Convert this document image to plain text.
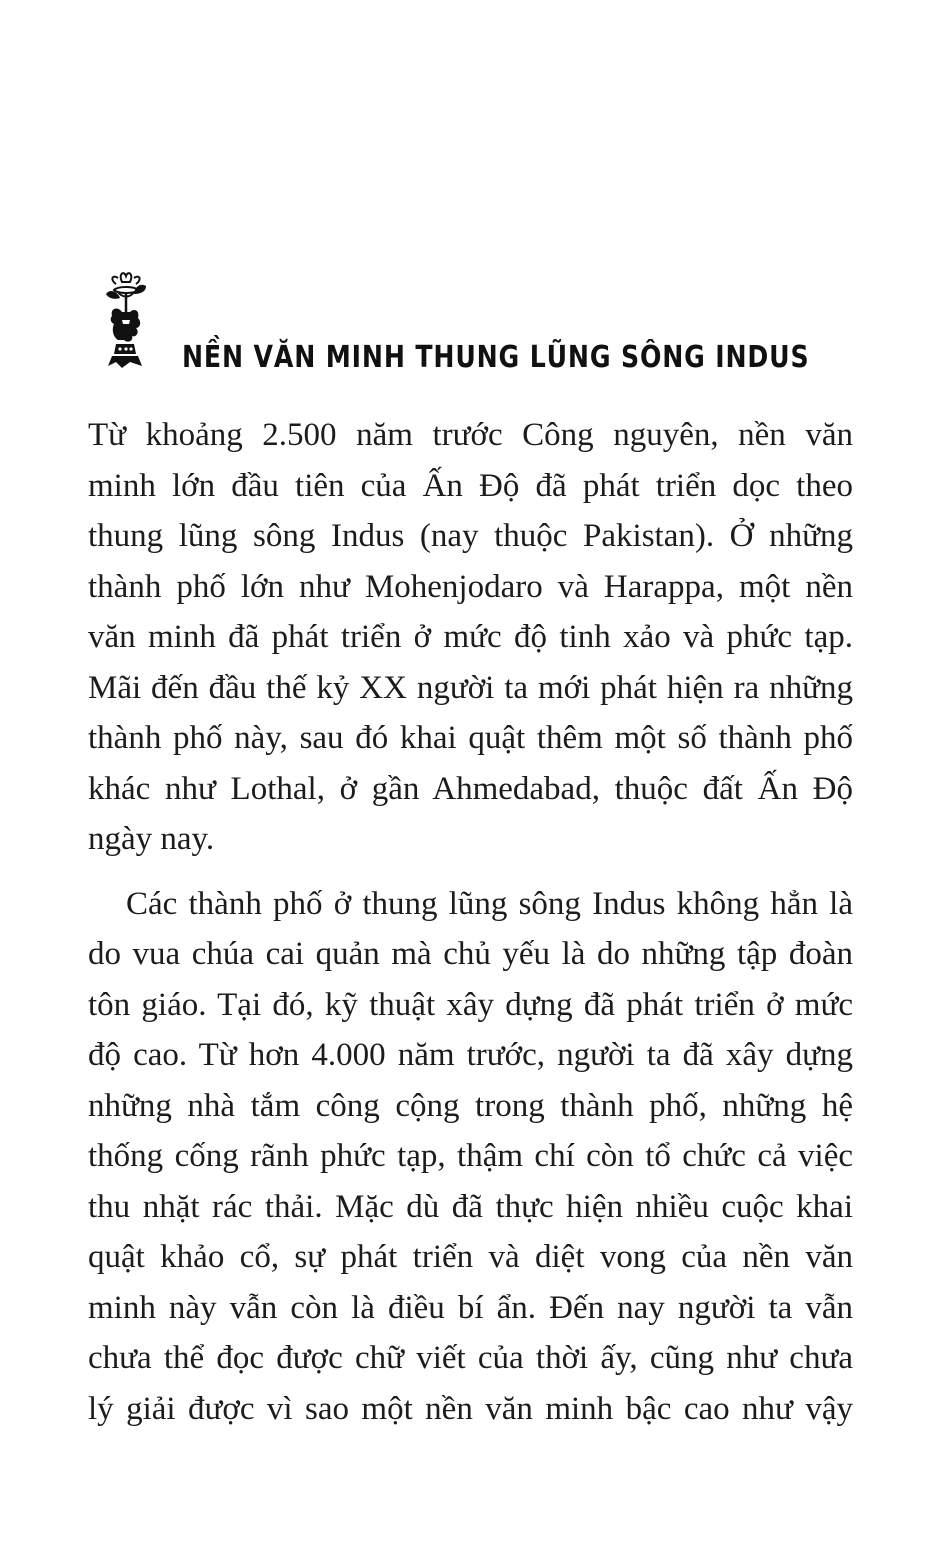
NỀN VĂN MINH THUNG LŨNG SÔNG INDUS

Từ khoảng 2.500 năm trước Công nguyên, nền văn
minh lớn đầu tiên của Ấn Độ đã phát triển dọc theo
thung lũng sông Indus (nay thuộc Pakistan). Ở những
thành phố lớn như Mohenjodaro và Harappa, một nền
văn minh đã phát triển ở mức độ tinh xảo và phức tạp.
Mãi đến đầu thế kỷ XX người ta mới phát hiện ra những
thành phố này, sau đó khai quật thêm một số thành phố
khác như Lothal, ở gần Ahmedabad, thuộc đất Ấn Độ
ngày nay.

Các thành phố ở thung lũng sông Indus không hẳn là
do vua chúa cai quản mà chủ yếu là do những tập đoàn
tôn giáo. Tại đó, kỹ thuật xây dựng đã phát triển ở mức
độ cao. Từ hơn 4.000 năm trước, người ta đã xây dựng
những nhà tắm công cộng trong thành phố, những hệ
thống cống rãnh phức tạp, thậm chí còn tổ chức cả việc
thu nhặt rác thải. Mặc dù đã thực hiện nhiều cuộc khai
quật khảo cổ, sự phát triển và diệt vong của nền văn
minh này vẫn còn là điều bí ẩn. Đến nay người ta vẫn
chưa thể đọc được chữ viết của thời ấy, cũng như chưa
lý giải được vì sao một nền văn minh bậc cao như vậy
